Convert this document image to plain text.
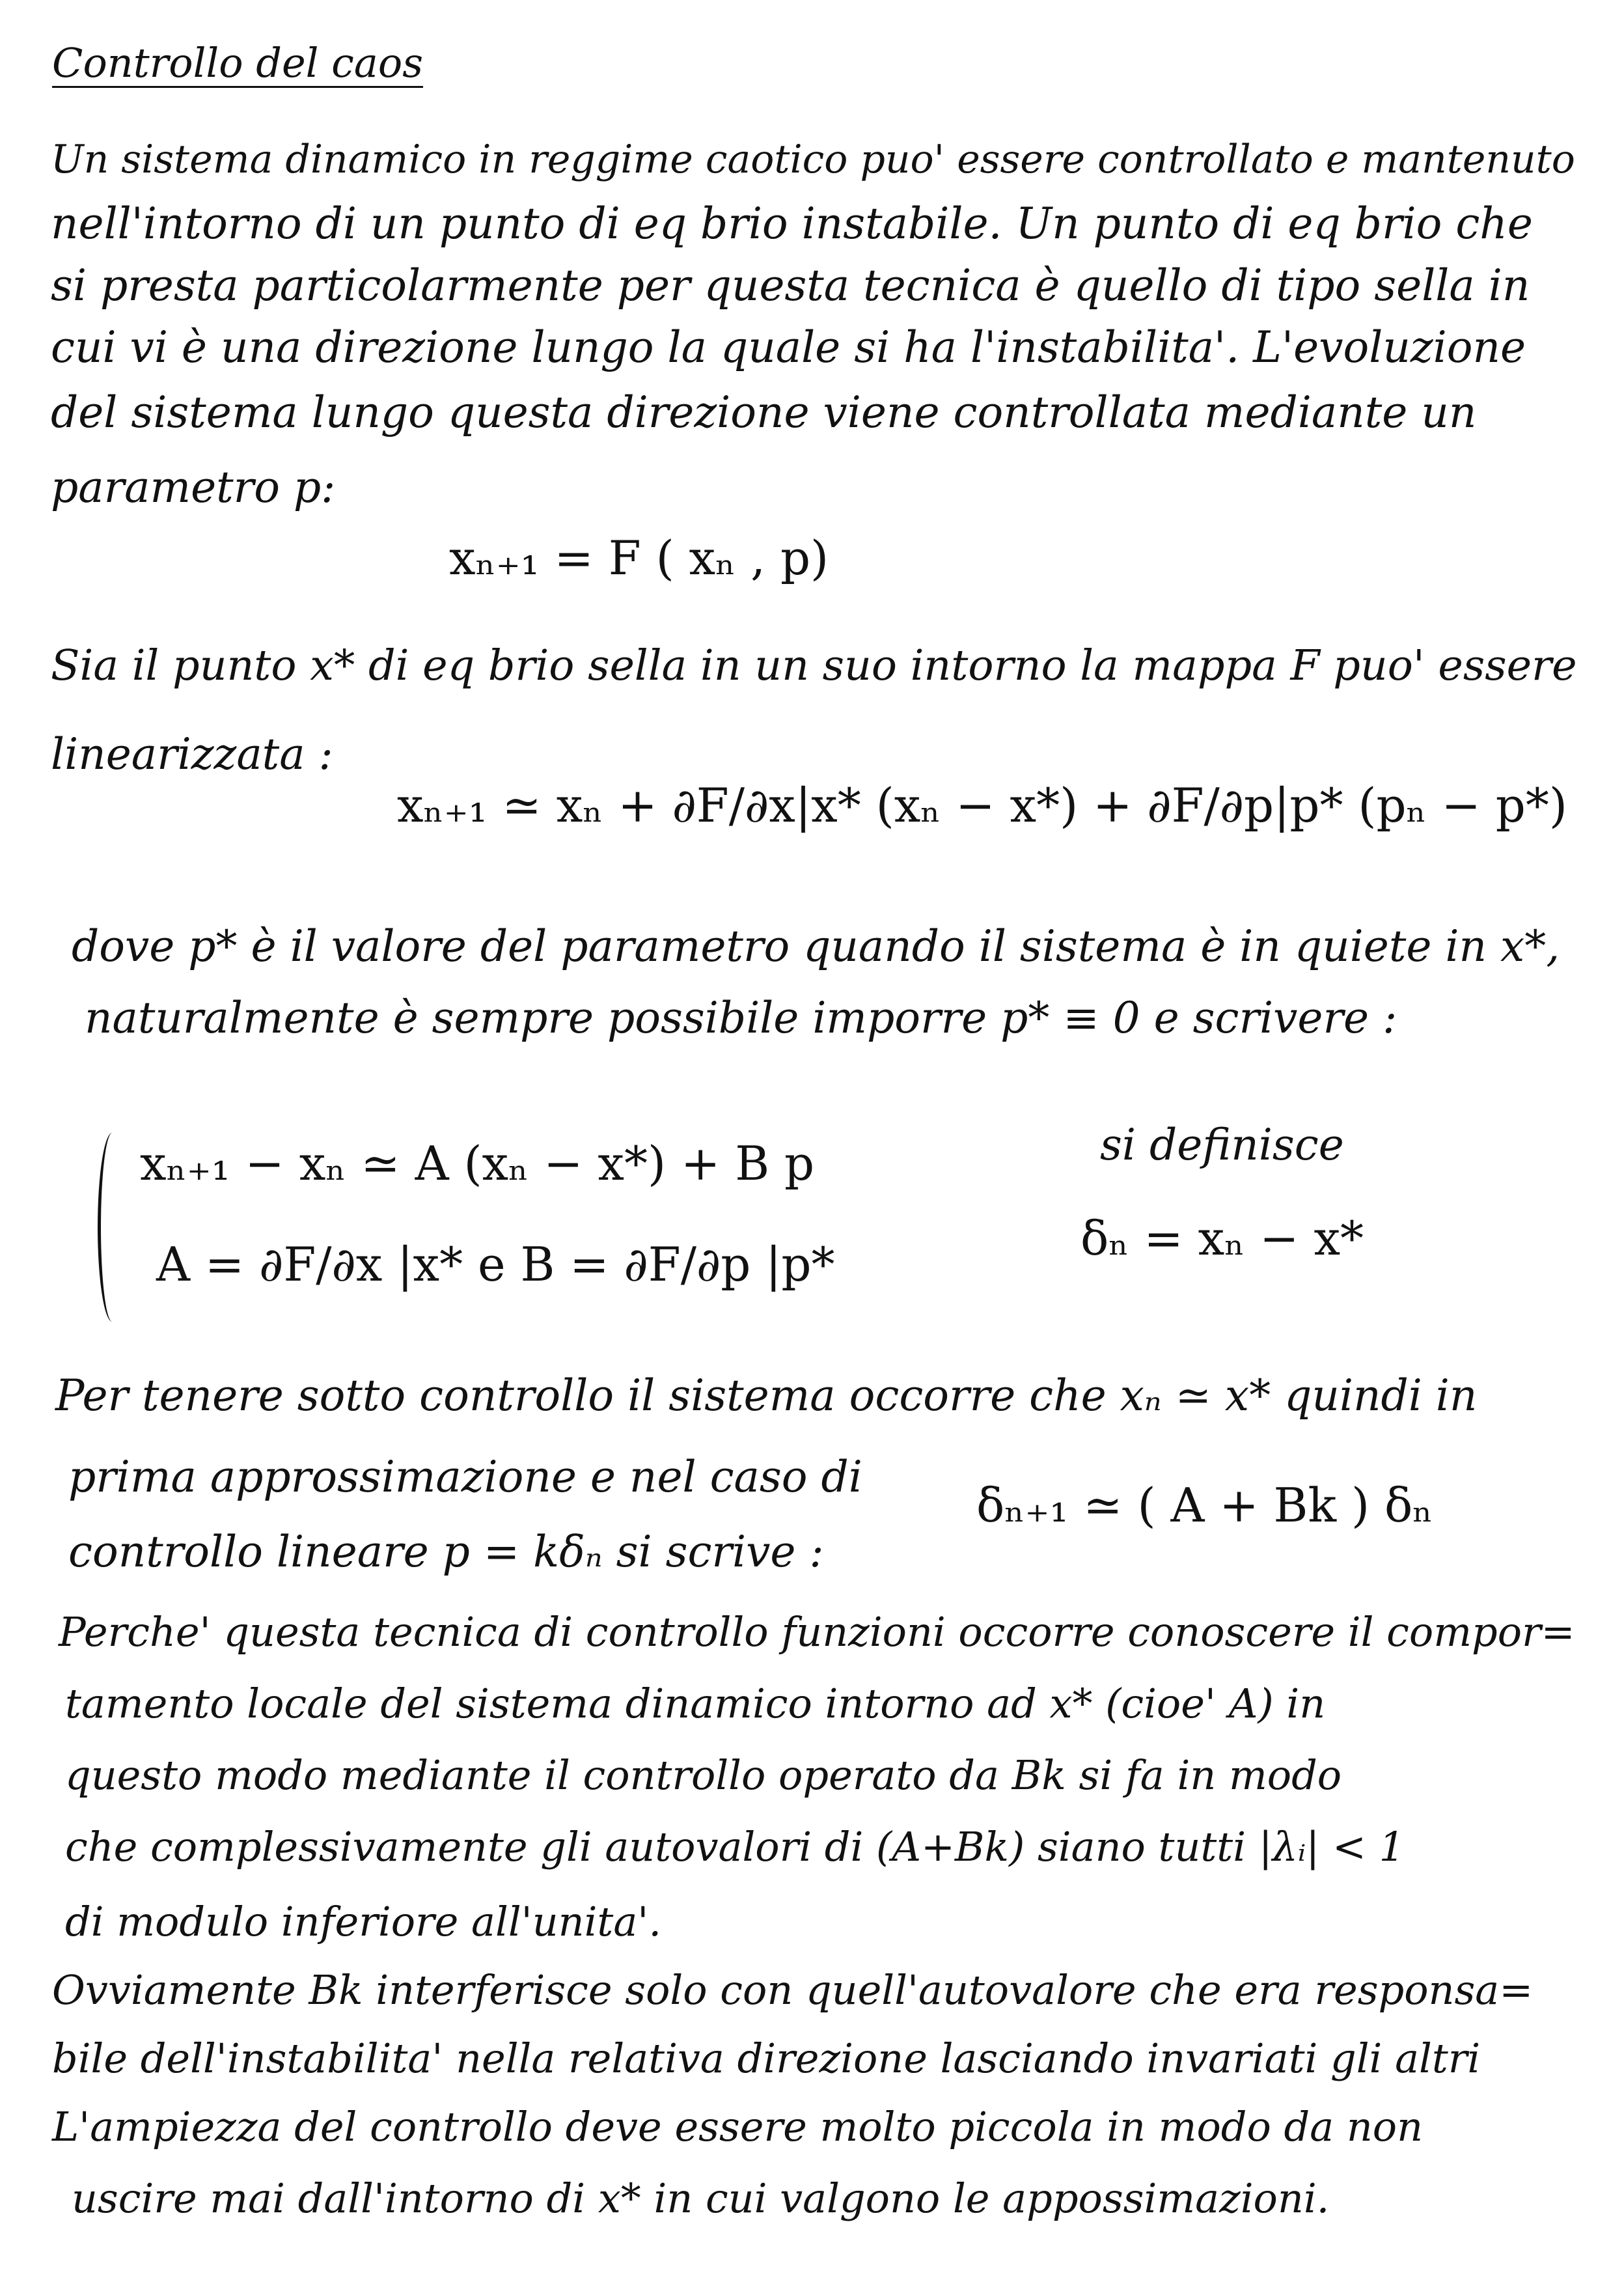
Controllo del caos
Un sistema dinamico in reggime caotico puo' essere controllato e mantenuto
nell'intorno di un punto di eq brio instabile. Un punto di eq brio che
si presta particolarmente per questa tecnica è quello di tipo sella in
cui vi è una direzione lungo la quale si ha l'instabilita'. L'evoluzione
del sistema lungo questa direzione viene controllata mediante un
parametro p:
xₙ₊₁ = F ( xₙ , p)
Sia il punto x* di eq brio sella in un suo intorno la mappa F puo' essere
linearizzata :
xₙ₊₁ ≃ xₙ + ∂F/∂x|x* (xₙ − x*) + ∂F/∂p|p* (pₙ − p*)
dove p* è il valore del parametro quando il sistema è in quiete in x*,
naturalmente è sempre possibile imporre p* ≡ 0 e scrivere :
xₙ₊₁ − xₙ ≃ A (xₙ − x*) + B p
A = ∂F/∂x |x* e B = ∂F/∂p |p*
si definisce
δₙ = xₙ − x*
Per tenere sotto controllo il sistema occorre che xₙ ≃ x* quindi in
prima approssimazione e nel caso di
controllo lineare p = kδₙ si scrive :
δₙ₊₁ ≃ ( A + Bk ) δₙ
Perche' questa tecnica di controllo funzioni occorre conoscere il compor=
tamento locale del sistema dinamico intorno ad x* (cioe' A) in
questo modo mediante il controllo operato da Bk si fa in modo
che complessivamente gli autovalori di (A+Bk) siano tutti |λᵢ| < 1
di modulo inferiore all'unita'.
Ovviamente Bk interferisce solo con quell'autovalore che era responsa=
bile dell'instabilita' nella relativa direzione lasciando invariati gli altri
L'ampiezza del controllo deve essere molto piccola in modo da non
uscire mai dall'intorno di x* in cui valgono le appossimazioni.
